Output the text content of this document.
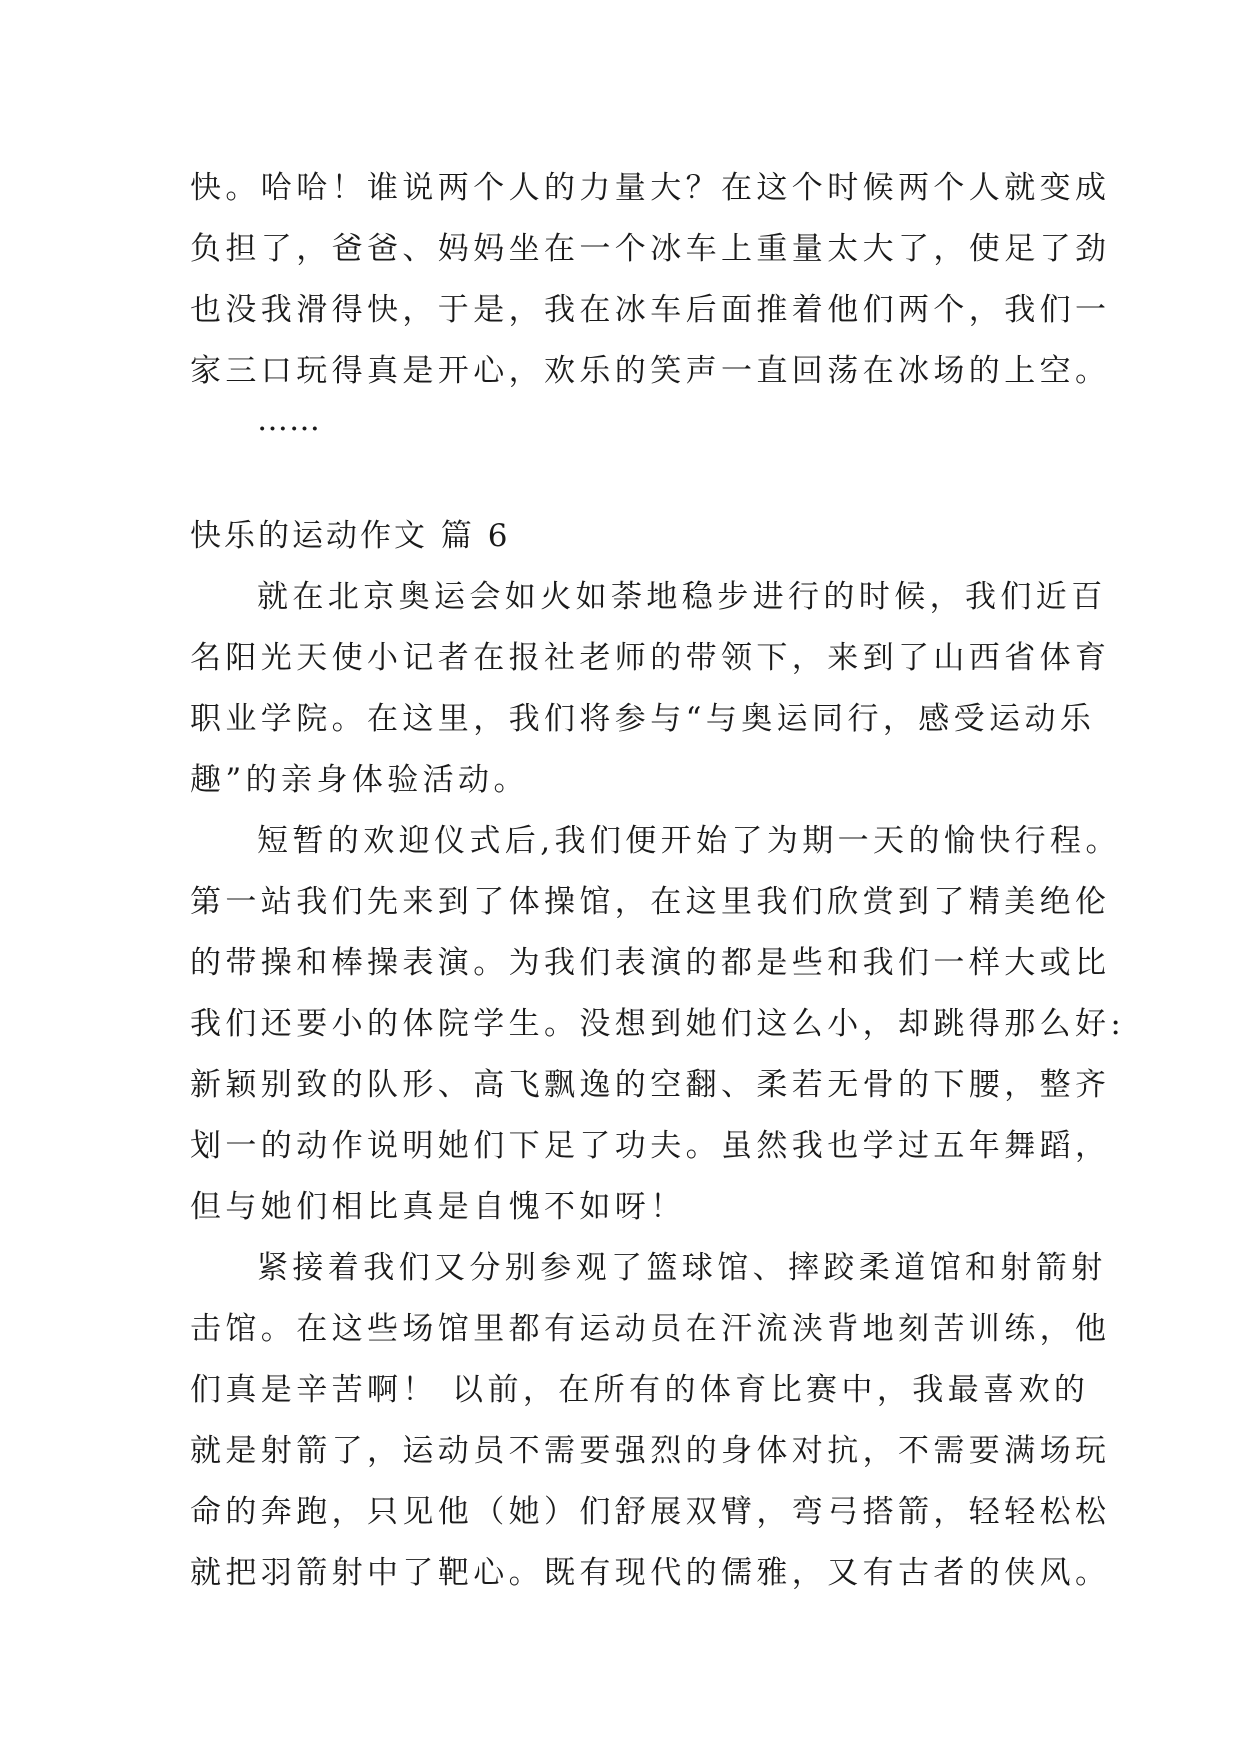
快。哈哈！谁说两个人的力量大？在这个时候两个人就变成
负担了，爸爸、妈妈坐在一个冰车上重量太大了，使足了劲
也没我滑得快，于是，我在冰车后面推着他们两个，我们一
家三口玩得真是开心，欢乐的笑声一直回荡在冰场的上空。
……
快乐的运动作文 篇 6
就在北京奥运会如火如荼地稳步进行的时候，我们近百
名阳光天使小记者在报社老师的带领下，来到了山西省体育
职业学院。在这里，我们将参与“与奥运同行，感受运动乐
趣”的亲身体验活动。
短暂的欢迎仪式后,我们便开始了为期一天的愉快行程。
第一站我们先来到了体操馆，在这里我们欣赏到了精美绝伦
的带操和棒操表演。为我们表演的都是些和我们一样大或比
我们还要小的体院学生。没想到她们这么小，却跳得那么好:
新颖别致的队形、高飞飘逸的空翻、柔若无骨的下腰，整齐
划一的动作说明她们下足了功夫。虽然我也学过五年舞蹈，
但与她们相比真是自愧不如呀！
紧接着我们又分别参观了篮球馆、摔跤柔道馆和射箭射
击馆。在这些场馆里都有运动员在汗流浃背地刻苦训练，他
们真是辛苦啊！ 以前，在所有的体育比赛中，我最喜欢的
就是射箭了，运动员不需要强烈的身体对抗，不需要满场玩
命的奔跑，只见他（她）们舒展双臂，弯弓搭箭，轻轻松松
就把羽箭射中了靶心。既有现代的儒雅，又有古者的侠风。
